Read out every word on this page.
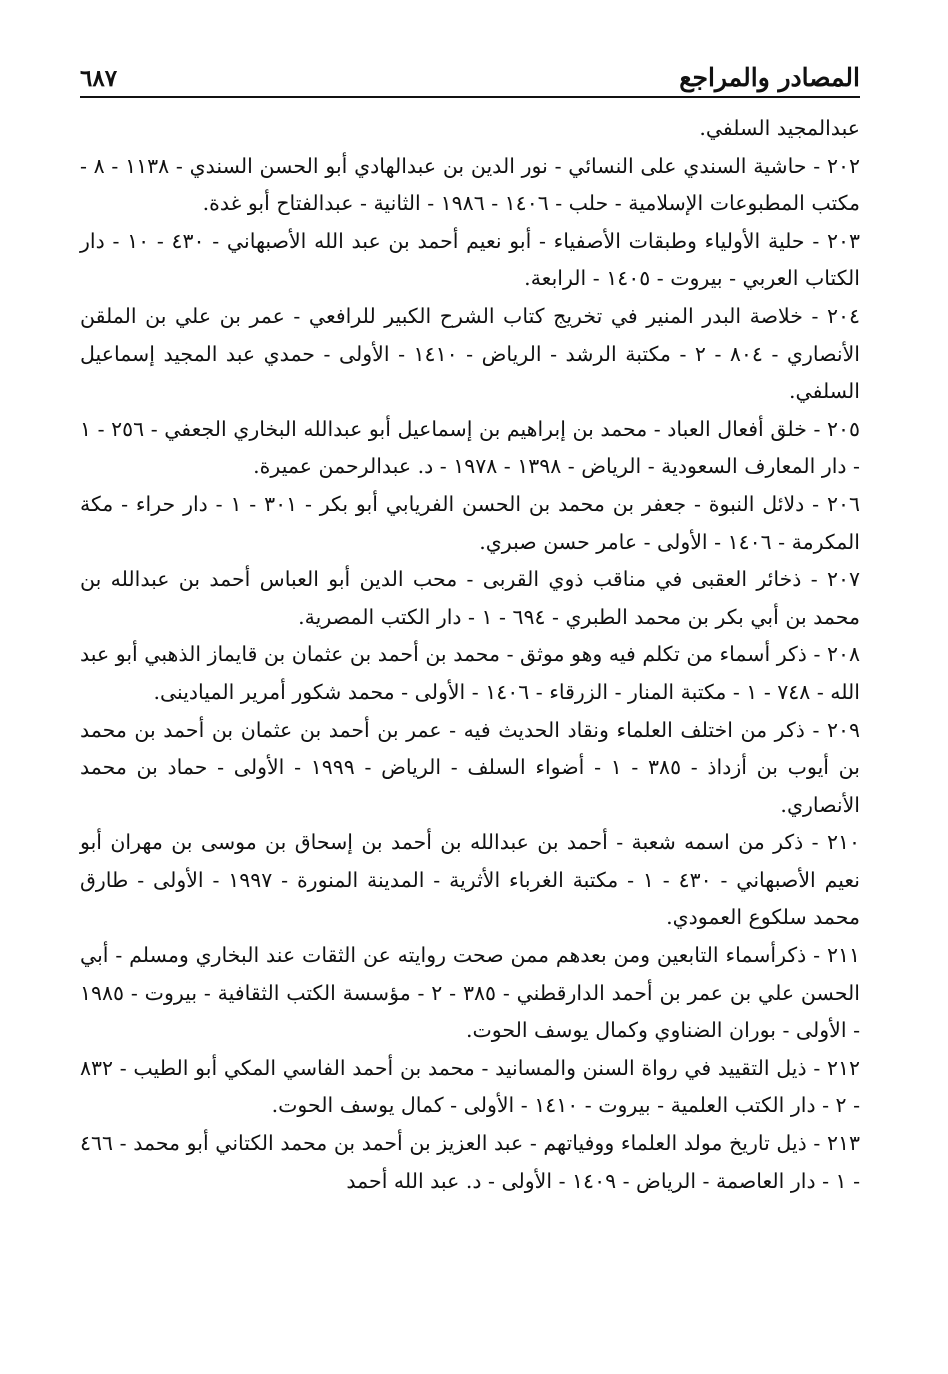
المصادر والمراجع
٦٨٧

عبدالمجيد السلفي.

٢٠٢ - حاشية السندي على النسائي - نور الدين بن عبدالهادي أبو الحسن السندي - ١١٣٨ - ٨ - مكتب المطبوعات الإسلامية - حلب - ١٤٠٦ - ١٩٨٦ - الثانية - عبدالفتاح أبو غدة.

٢٠٣ - حلية الأولياء وطبقات الأصفياء - أبو نعيم أحمد بن عبد الله الأصبهاني - ٤٣٠ - ١٠ - دار الكتاب العربي - بيروت - ١٤٠٥ - الرابعة.

٢٠٤ - خلاصة البدر المنير في تخريج كتاب الشرح الكبير للرافعي - عمر بن علي بن الملقن الأنصاري - ٨٠٤ - ٢ - مكتبة الرشد - الرياض - ١٤١٠ - الأولى - حمدي عبد المجيد إسماعيل السلفي.

٢٠٥ - خلق أفعال العباد - محمد بن إبراهيم بن إسماعيل أبو عبدالله البخاري الجعفي - ٢٥٦ - ١ - دار المعارف السعودية - الرياض - ١٣٩٨ - ١٩٧٨ - د. عبدالرحمن عميرة.

٢٠٦ - دلائل النبوة - جعفر بن محمد بن الحسن الفريابي أبو بكر - ٣٠١ - ١ - دار حراء - مكة المكرمة - ١٤٠٦ - الأولى - عامر حسن صبري.

٢٠٧ - ذخائر العقبى في مناقب ذوي القربى - محب الدين أبو العباس أحمد بن عبدالله بن محمد بن أبي بكر بن محمد الطبري - ٦٩٤ - ١ - دار الكتب المصرية.

٢٠٨ - ذكر أسماء من تكلم فيه وهو موثق - محمد بن أحمد بن عثمان بن قايماز الذهبي أبو عبد الله - ٧٤٨ - ١ - مكتبة المنار - الزرقاء - ١٤٠٦ - الأولى - محمد شكور أمرير الميادينى.

٢٠٩ - ذكر من اختلف العلماء ونقاد الحديث فيه - عمر بن أحمد بن عثمان بن أحمد بن محمد بن أيوب بن أزداذ - ٣٨٥ - ١ - أضواء السلف - الرياض - ١٩٩٩ - الأولى - حماد بن محمد الأنصاري.

٢١٠ - ذكر من اسمه شعبة - أحمد بن عبدالله بن أحمد بن إسحاق بن موسى بن مهران أبو نعيم الأصبهاني - ٤٣٠ - ١ - مكتبة الغرباء الأثرية - المدينة المنورة - ١٩٩٧ - الأولى - طارق محمد سلكوع العمودي.

٢١١ - ذكرأسماء التابعين ومن بعدهم ممن صحت روايته عن الثقات عند البخاري ومسلم - أبي الحسن علي بن عمر بن أحمد الدارقطني - ٣٨٥ - ٢ - مؤسسة الكتب الثقافية - بيروت - ١٩٨٥ - الأولى - بوران الضناوي وكمال يوسف الحوت.

٢١٢ - ذيل التقييد في رواة السنن والمسانيد - محمد بن أحمد الفاسي المكي أبو الطيب - ٨٣٢ - ٢ - دار الكتب العلمية - بيروت - ١٤١٠ - الأولى - كمال يوسف الحوت.

٢١٣ - ذيل تاريخ مولد العلماء ووفياتهم - عبد العزيز بن أحمد بن محمد الكتاني أبو محمد - ٤٦٦ - ١ - دار العاصمة - الرياض - ١٤٠٩ - الأولى - د. عبد الله أحمد
